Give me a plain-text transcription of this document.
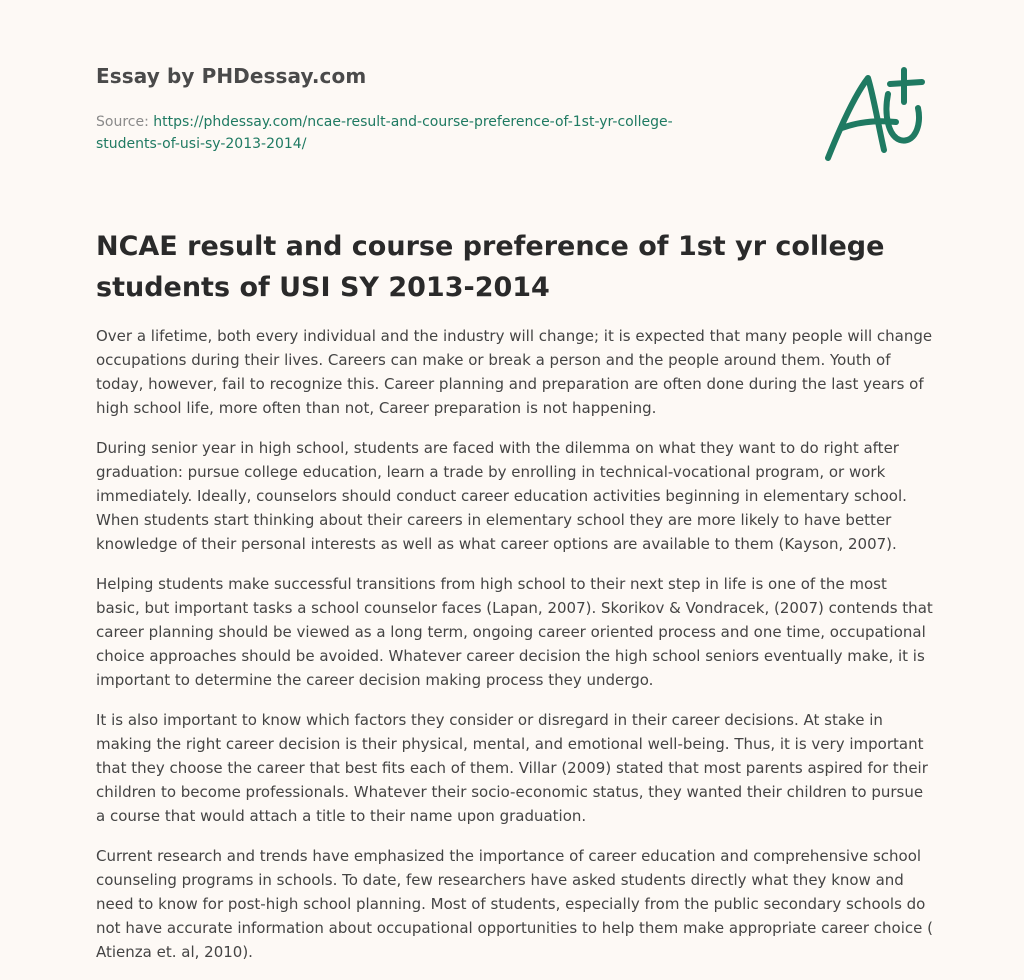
Essay by PHDessay.com
Source: https://phdessay.com/ncae-result-and-course-preference-of-1st-yr-college-students-of-usi-sy-2013-2014/
NCAE result and course preference of 1st yr college students of USI SY 2013-2014

Over a lifetime, both every individual and the industry will change; it is expected that many people will change occupations during their lives. Careers can make or break a person and the people around them. Youth of today, however, fail to recognize this. Career planning and preparation are often done during the last years of high school life, more often than not, Career preparation is not happening.

During senior year in high school, students are faced with the dilemma on what they want to do right after graduation: pursue college education, learn a trade by enrolling in technical-vocational program, or work immediately. Ideally, counselors should conduct career education activities beginning in elementary school. When students start thinking about their careers in elementary school they are more likely to have better knowledge of their personal interests as well as what career options are available to them (Kayson, 2007).

Helping students make successful transitions from high school to their next step in life is one of the most basic, but important tasks a school counselor faces (Lapan, 2007). Skorikov & Vondracek, (2007) contends that career planning should be viewed as a long term, ongoing career oriented process and one time, occupational choice approaches should be avoided. Whatever career decision the high school seniors eventually make, it is important to determine the career decision making process they undergo.

It is also important to know which factors they consider or disregard in their career decisions. At stake in making the right career decision is their physical, mental, and emotional well-being. Thus, it is very important that they choose the career that best fits each of them. Villar (2009) stated that most parents aspired for their children to become professionals. Whatever their socio-economic status, they wanted their children to pursue a course that would attach a title to their name upon graduation.

Current research and trends have emphasized the importance of career education and comprehensive school counseling programs in schools. To date, few researchers have asked students directly what they know and need to know for post-high school planning. Most of students, especially from the public secondary schools do not have accurate information about occupational opportunities to help them make appropriate career choice ( Atienza et. al, 2010).
